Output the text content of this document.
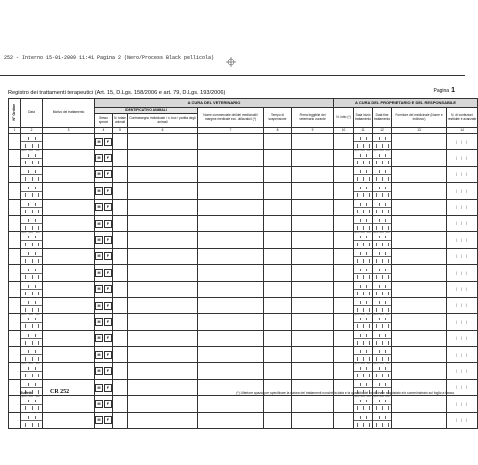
252 - Interno 15-01-2009 11:41 Pagina 2 (Nero/Process Black pellicola)
Registro dei trattamenti terapeutici (Art. 15, D.Lgs. 158/2006 e art. 79, D.Lgs. 193/2006)	Pagina 1
N° Ordine	Data	Motivo del trattamento	A CURA DEL VETERINARIO						A CURA DEL PROPRIETARIO E DEL RESPONSABILE				
			IDENTIFICATIVO ANIMALI			Nome commerciale del/dei medicinali/i margine medicale ecc. utilizzato/i (*)	Tempo di sospensione	Firma leggibile del veterinario curante	N. lotto (*)	Data inizio trattamento	Data fine trattamento	Fornitore del medicinale (Nome e indirizzo)	N. di confezioni restituite e avanzate
			Sesso specie	N. totale animali	Contrassegno individuale / n. box / partita degli animali								
1	2	3	4	5	6	7	8	9	10	11	12	13	14

	giorno mese anno		M F							giorno mese anno	giorno mese anno		| | |

	giorno mese anno		M F							giorno mese anno	giorno mese anno		| | |

	giorno mese anno		M F							giorno mese anno	giorno mese anno		| | |

	giorno mese anno		M F							giorno mese anno	giorno mese anno		| | |

	giorno mese anno		M F							giorno mese anno	giorno mese anno		| | |

	giorno mese anno		M F							giorno mese anno	giorno mese anno		| | |

	giorno mese anno		M F							giorno mese anno	giorno mese anno		| | |

	giorno mese anno		M F							giorno mese anno	giorno mese anno		| | |

	giorno mese anno		M F							giorno mese anno	giorno mese anno		| | |

	giorno mese anno		M F							giorno mese anno	giorno mese anno		| | |

	giorno mese anno		M F							giorno mese anno	giorno mese anno		| | |

	giorno mese anno		M F							giorno mese anno	giorno mese anno		| | |

	giorno mese anno		M F							giorno mese anno	giorno mese anno		| | |

	giorno mese anno		M F							giorno mese anno	giorno mese anno		| | |

	giorno mese anno		M F							giorno mese anno	giorno mese anno		| | |

	giorno mese anno		M F							giorno mese anno	giorno mese anno		| | |

	giorno mese anno		M F							giorno mese anno	giorno mese anno		| | |

	giorno mese anno		M F							giorno mese anno	giorno mese anno		| | |
Buffetti	CR 252	(*) Ulteriore spazio per specificare la natura dei trattamenti nonché la data e la quantità del medicinale acquistato e/o somministrato sul foglio a fianco.
